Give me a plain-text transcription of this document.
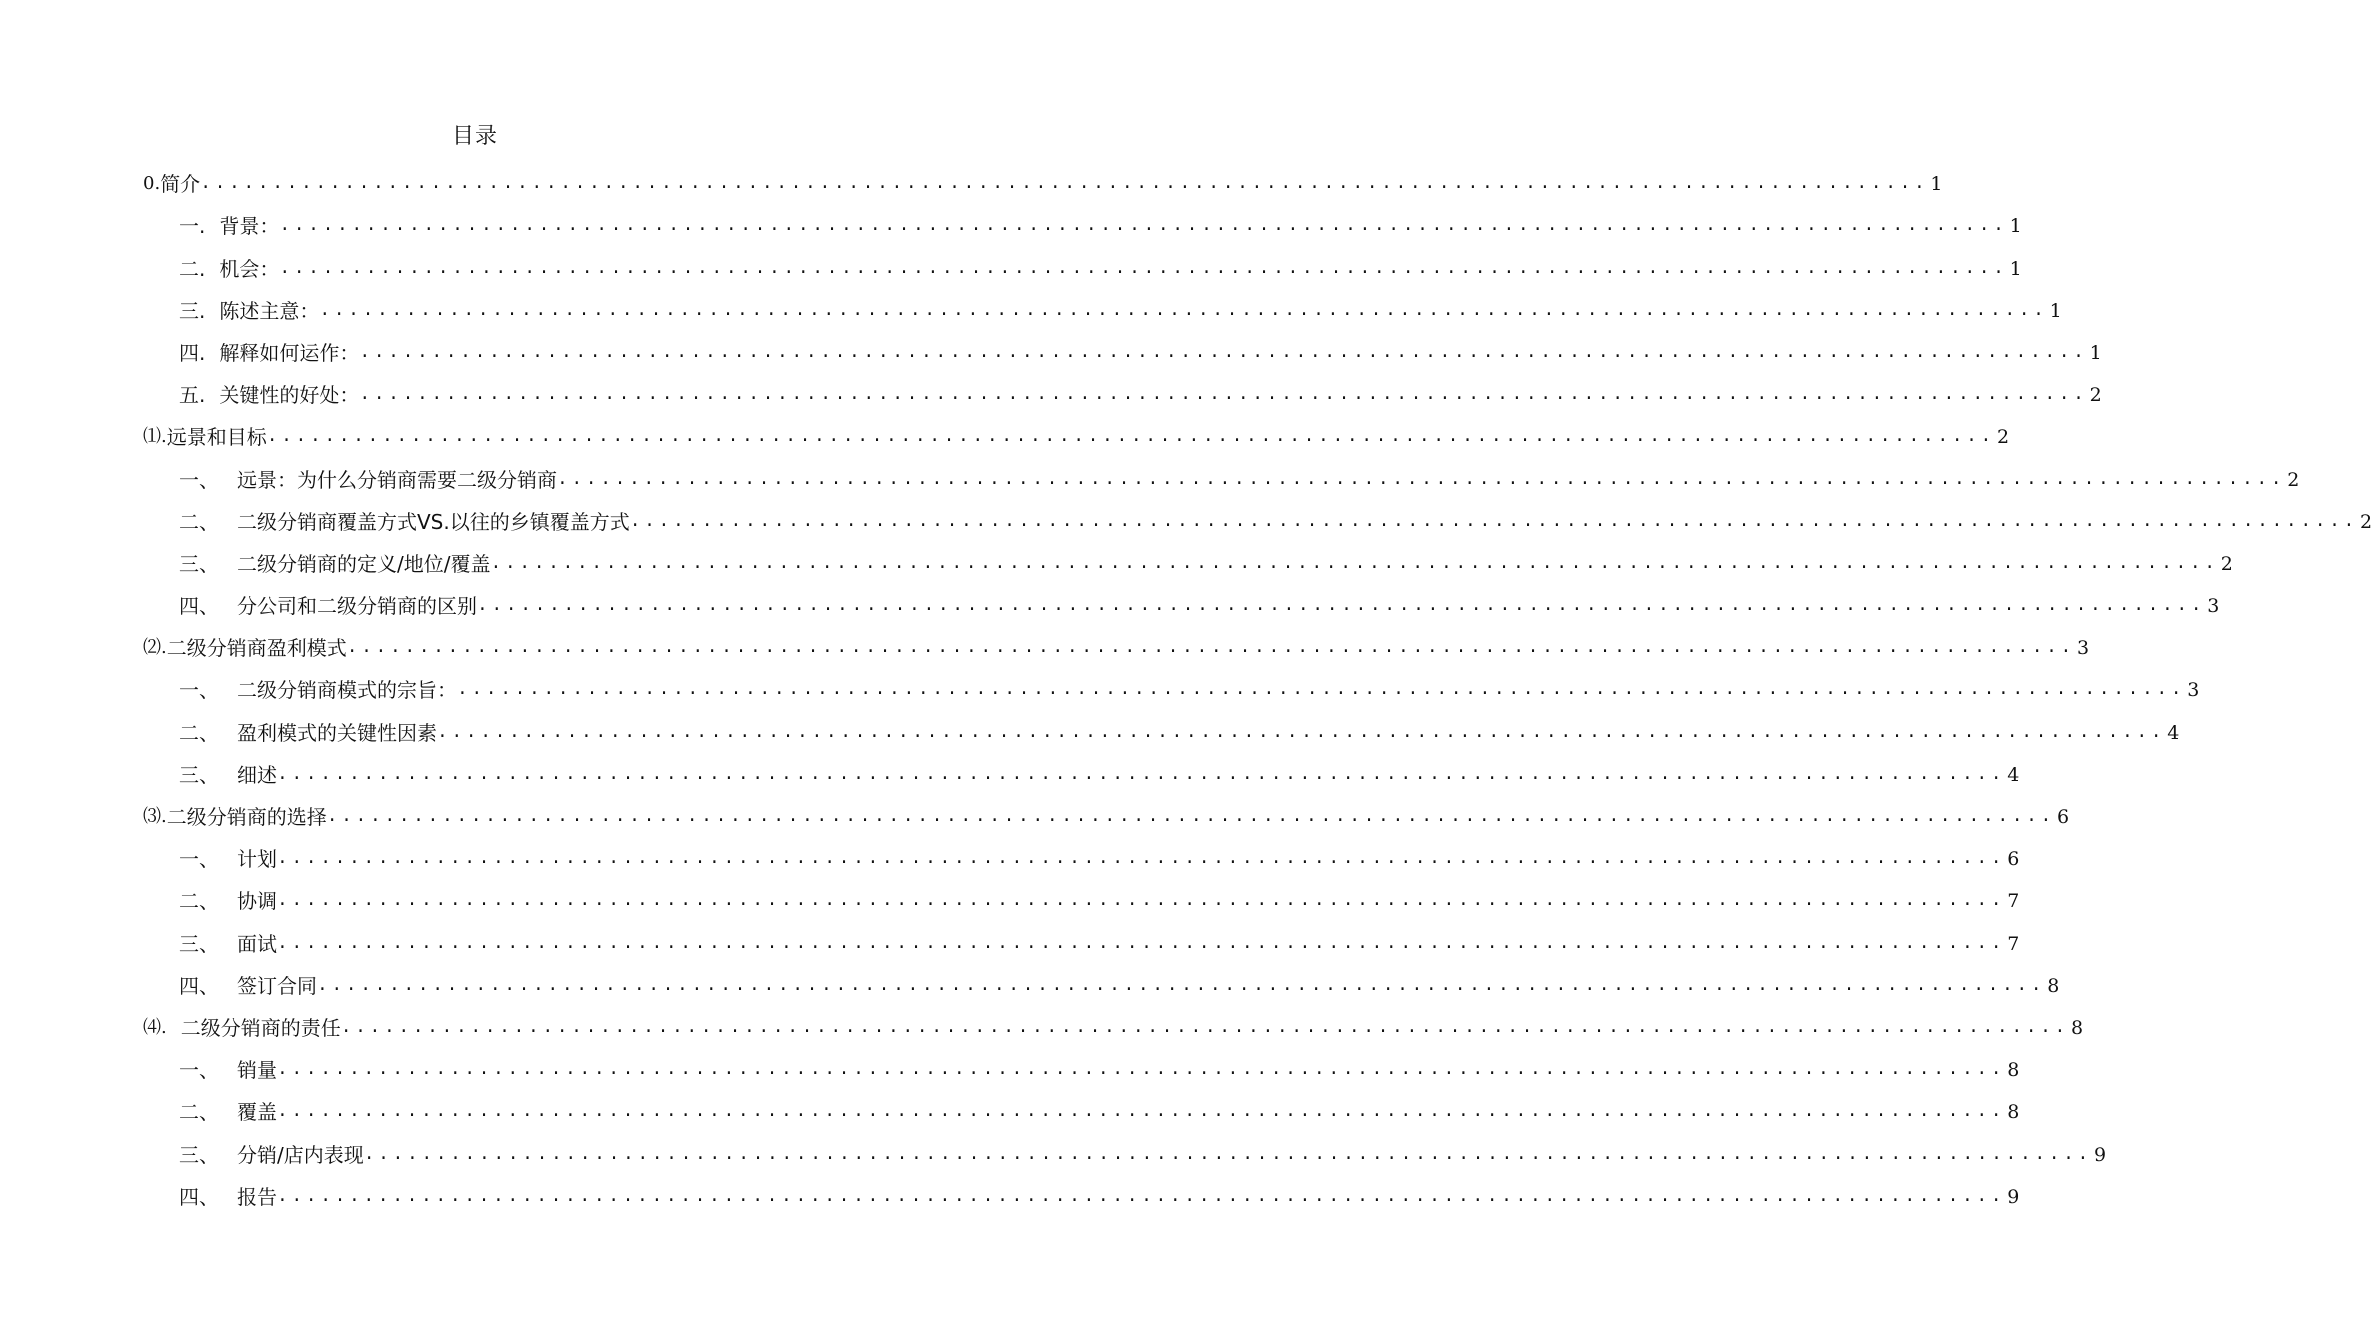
目录
0. 简介 ........................................................................................................................ 1
一. 背景： ........................................................................................................................ 1
二. 机会： ........................................................................................................................ 1
三. 陈述主意： ........................................................................................................................ 1
四. 解释如何运作： ........................................................................................................................ 1
五. 关键性的好处： ........................................................................................................................ 2
⑴. 远景和目标 ........................................................................................................................ 2
一、 远景：为什么分销商需要二级分销商 ........................................................................................................................ 2
二、 二级分销商覆盖方式VS.以往的乡镇覆盖方式 ........................................................................................................................ 2
三、 二级分销商的定义/地位/覆盖 ........................................................................................................................ 2
四、 分公司和二级分销商的区别 ........................................................................................................................ 3
⑵. 二级分销商盈利模式 ........................................................................................................................ 3
一、 二级分销商模式的宗旨： ........................................................................................................................ 3
二、 盈利模式的关键性因素 ........................................................................................................................ 4
三、 细述 ........................................................................................................................ 4
⑶. 二级分销商的选择 ........................................................................................................................ 6
一、 计划 ........................................................................................................................ 6
二、 协调 ........................................................................................................................ 7
三、 面试 ........................................................................................................................ 7
四、 签订合同 ........................................................................................................................ 8
⑷. 二级分销商的责任 ........................................................................................................................ 8
一、 销量 ........................................................................................................................ 8
二、 覆盖 ........................................................................................................................ 8
三、 分销/店内表现 ........................................................................................................................ 9
四、 报告 ........................................................................................................................ 9
